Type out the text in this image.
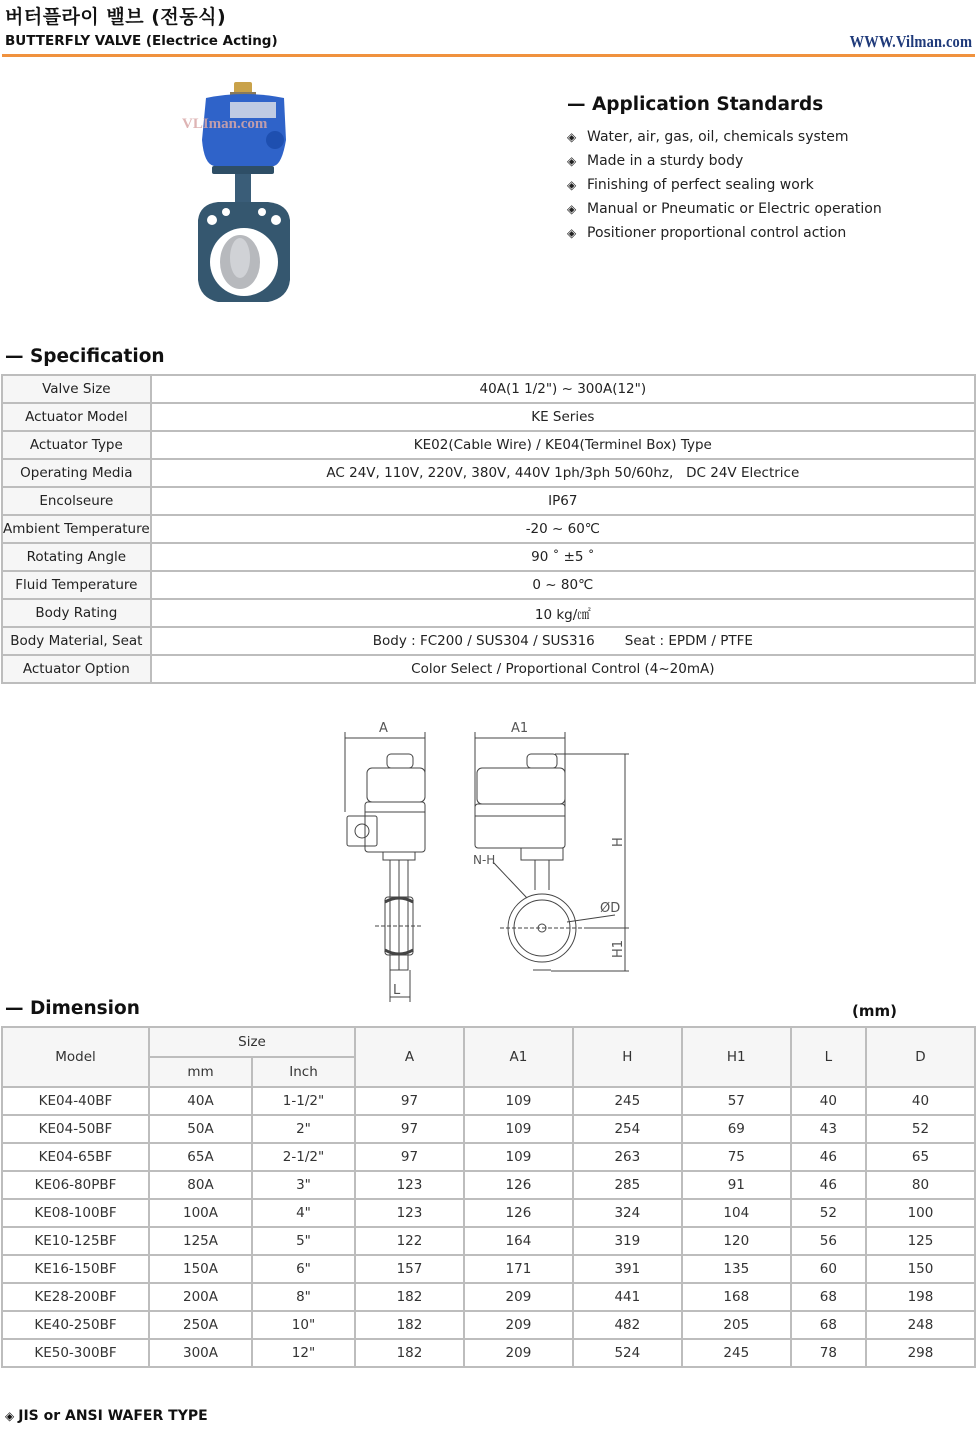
버터플라이 밸브 (전동식)
BUTTERFLY VALVE (Electrice Acting)	WWW.Vilman.com
VLIman.com
— Application Standards
◈ Water, air, gas, oil, chemicals system
◈ Made in a sturdy body
◈ Finishing of perfect sealing work
◈ Manual or Pneumatic or Electric operation
◈ Positioner proportional control action
— Specification
Valve Size	40A(1 1/2") ~ 300A(12")
Actuator Model	KE Series
Actuator Type	KE02(Cable Wire) / KE04(Terminel Box) Type
Operating Media	AC 24V, 110V, 220V, 380V, 440V 1ph/3ph 50/60hz,   DC 24V Electrice
Encolseure	IP67
Ambient Temperature	-20 ~ 60℃
Rotating Angle	90 ˚ ±5 ˚
Fluid Temperature	0 ~ 80℃
Body Rating	10 kg/㎠
Body Material, Seat	Body : FC200 / SUS304 / SUS316       Seat : EPDM / PTFE
Actuator Option	Color Select / Proportional Control (4~20mA)
A
L
A1
N-H
ØD
H
H1
— Dimension	(mm)
Model	Size		A	A1	H	H1	L	D
	mm	Inch						
KE04-40BF	40A	1-1/2"	97	109	245	57	40	40
KE04-50BF	50A	2"	97	109	254	69	43	52
KE04-65BF	65A	2-1/2"	97	109	263	75	46	65
KE06-80PBF	80A	3"	123	126	285	91	46	80
KE08-100BF	100A	4"	123	126	324	104	52	100
KE10-125BF	125A	5"	122	164	319	120	56	125
KE16-150BF	150A	6"	157	171	391	135	60	150
KE28-200BF	200A	8"	182	209	441	168	68	198
KE40-250BF	250A	10"	182	209	482	205	68	248
KE50-300BF	300A	12"	182	209	524	245	78	298
◈ JIS or ANSI WAFER TYPE
